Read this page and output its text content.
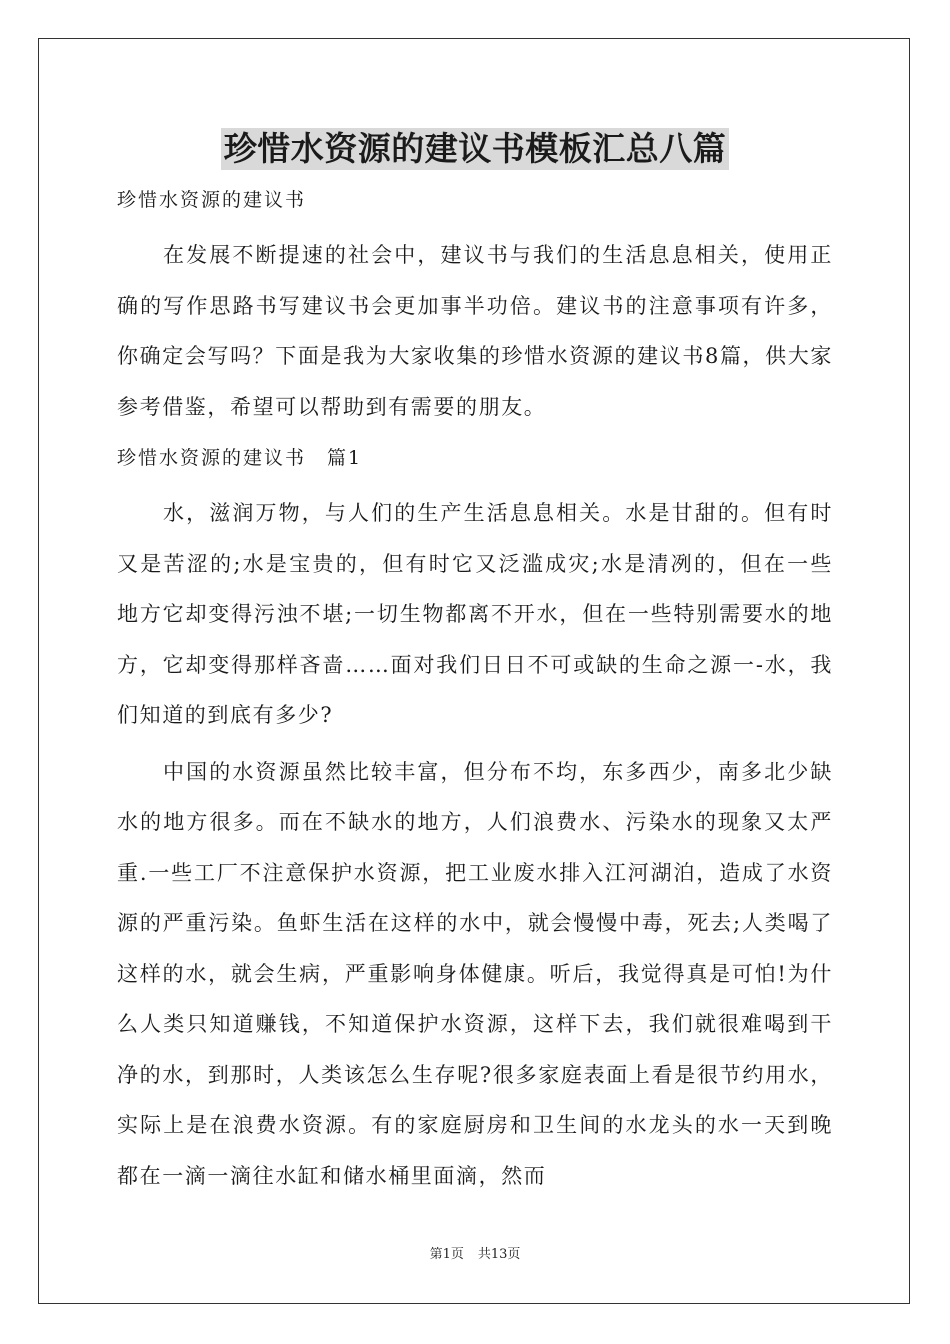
珍惜水资源的建议书模板汇总八篇
珍惜水资源的建议书

在发展不断提速的社会中，建议书与我们的生活息息相关，使用正确的写作思路书写建议书会更加事半功倍。建议书的注意事项有许多，你确定会写吗？下面是我为大家收集的珍惜水资源的建议书8篇，供大家参考借鉴，希望可以帮助到有需要的朋友。

珍惜水资源的建议书　篇1

水，滋润万物，与人们的生产生活息息相关。水是甘甜的。但有时又是苦涩的;水是宝贵的，但有时它又泛滥成灾;水是清冽的，但在一些地方它却变得污浊不堪;一切生物都离不开水，但在一些特别需要水的地方，它却变得那样吝啬……面对我们日日不可或缺的生命之源一-水，我们知道的到底有多少?

中国的水资源虽然比较丰富，但分布不均，东多西少，南多北少缺水的地方很多。而在不缺水的地方，人们浪费水、污染水的现象又太严重.一些工厂不注意保护水资源，把工业废水排入江河湖泊，造成了水资源的严重污染。鱼虾生活在这样的水中，就会慢慢中毒，死去;人类喝了这样的水，就会生病，严重影响身体健康。听后，我觉得真是可怕!为什么人类只知道赚钱，不知道保护水资源，这样下去，我们就很难喝到干净的水，到那时，人类该怎么生存呢?很多家庭表面上看是很节约用水，实际上是在浪费水资源。有的家庭厨房和卫生间的水龙头的水一天到晚都在一滴一滴往水缸和储水桶里面滴，然而

第1页 共13页
